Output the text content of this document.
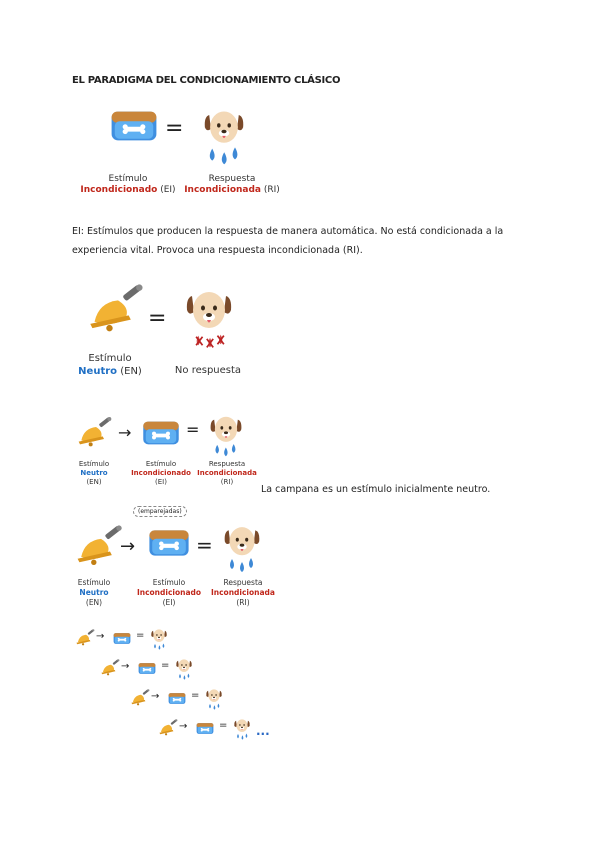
EL PARADIGMA DEL CONDICIONAMIENTO CLÁSICO
=
Estímulo
Incondicionado (EI)
Respuesta
Incondicionada (RI)
EI: Estímulos que producen la respuesta de manera automática. No está condicionada a la experiencia vital. Provoca una respuesta incondicionada (RI).
=
Estímulo
Neutro (EN)	No respuesta
→	=
Estímulo
Neutro
(EN)
Estímulo
Incondicionado
(EI)
Respuesta
Incondicionada
(RI)
La campana es un estímulo inicialmente neutro.
(emparejadas)
→	=
Estímulo
Neutro
(EN)
Estímulo
Incondicionado
(EI)
Respuesta
Incondicionada
(RI)
→	=
→	=
→	=
→	= ...
